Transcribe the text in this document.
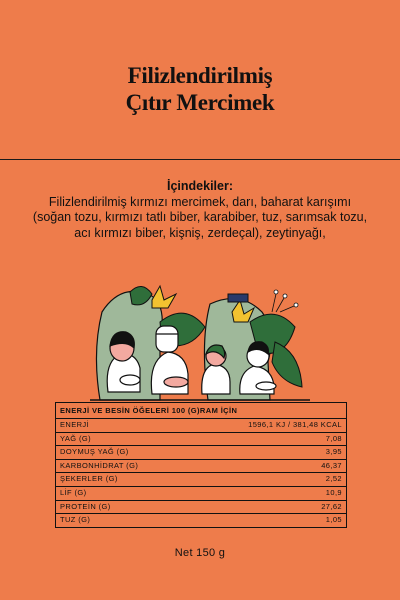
Filizlendirilmiş
Çıtır Mercimek
İçindekiler:
Filizlendirilmiş kırmızı mercimek, darı, baharat karışımı (soğan tozu, kırmızı tatlı biber, karabiber, tuz, sarımsak tozu, acı kırmızı biber, kişniş, zerdeçal), zeytinyağı,
ENERJİ VE BESİN ÖĞELERİ 100 (G)RAM İÇİN
ENERJİ	1596,1 KJ / 381,48 KCAL
YAĞ (G)	7,08
DOYMUŞ YAĞ (G)	3,95
KARBONHİDRAT (G)	46,37
ŞEKERLER (G)	2,52
LİF (G)	10,9
PROTEİN (G)	27,62
TUZ (G)	1,05
Net 150 g
